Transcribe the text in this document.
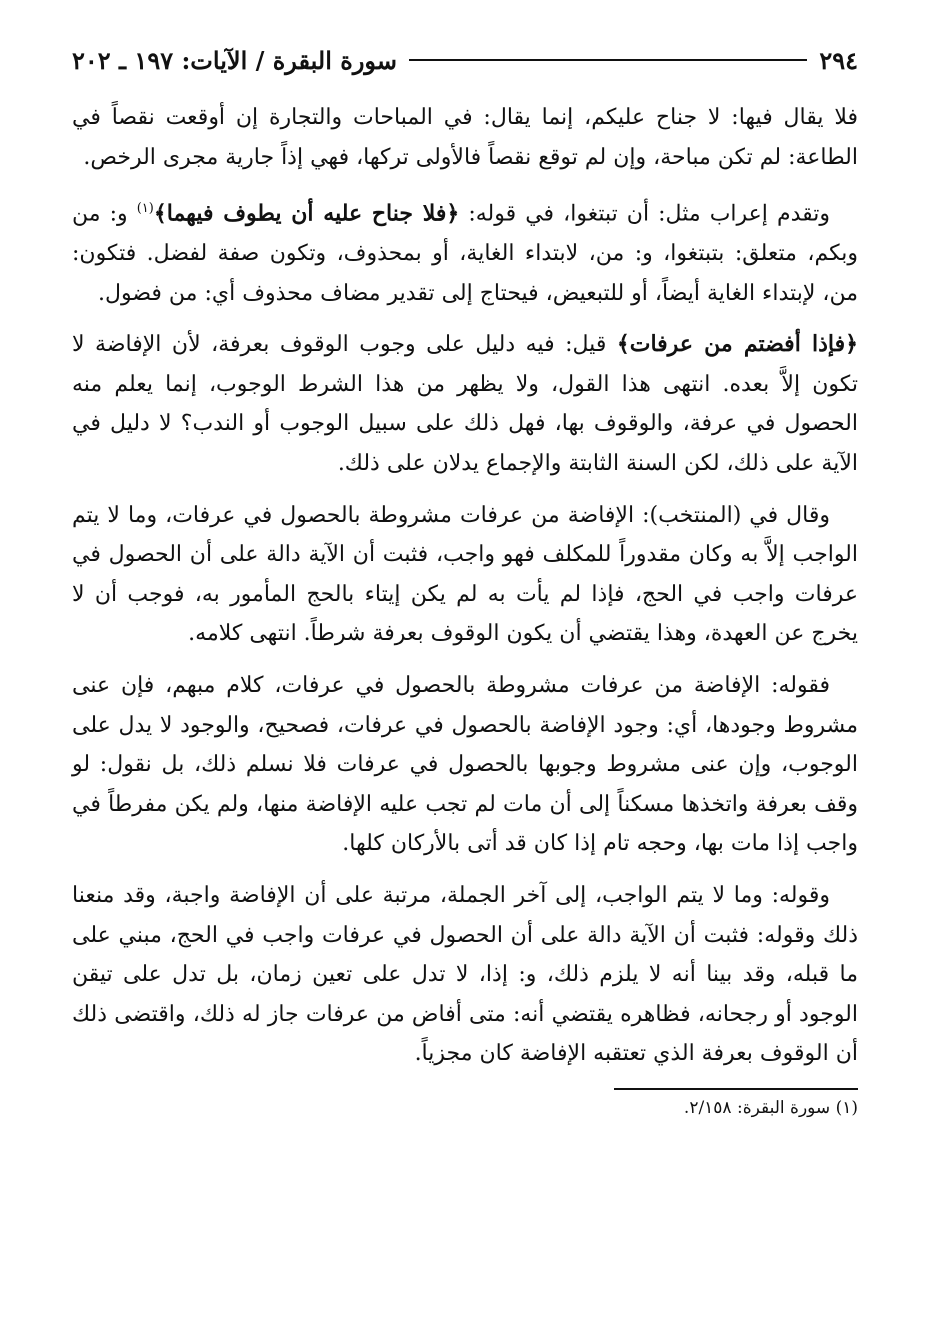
٢٩٤
سورة البقرة / الآيات: ١٩٧ ـ ٢٠٢

فلا يقال فيها: لا جناح عليكم، إنما يقال: في المباحات والتجارة إن أوقعت نقصاً في الطاعة: لم تكن مباحة، وإن لم توقع نقصاً فالأولى تركها، فهي إذاً جارية مجرى الرخص.

وتقدم إعراب مثل: أن تبتغوا، في قوله: ﴿فلا جناح عليه أن يطوف فيهما﴾$^{(١)}$ و: من وبكم، متعلق: بتبتغوا، و: من، لابتداء الغاية، أو بمحذوف، وتكون صفة لفضل. فتكون: من، لإبتداء الغاية أيضاً، أو للتبعيض، فيحتاج إلى تقدير مضاف محذوف أي: من فضول.

﴿فإذا أفضتم من عرفات﴾ قيل: فيه دليل على وجوب الوقوف بعرفة، لأن الإفاضة لا تكون إلاَّ بعده. انتهى هذا القول، ولا يظهر من هذا الشرط الوجوب، إنما يعلم منه الحصول في عرفة، والوقوف بها، فهل ذلك على سبيل الوجوب أو الندب؟ لا دليل في الآية على ذلك، لكن السنة الثابتة والإجماع يدلان على ذلك.

وقال في (المنتخب): الإفاضة من عرفات مشروطة بالحصول في عرفات، وما لا يتم الواجب إلاَّ به وكان مقدوراً للمكلف فهو واجب، فثبت أن الآية دالة على أن الحصول في عرفات واجب في الحج، فإذا لم يأت به لم يكن إيتاء بالحج المأمور به، فوجب أن لا يخرج عن العهدة، وهذا يقتضي أن يكون الوقوف بعرفة شرطاً. انتهى كلامه.

فقوله: الإفاضة من عرفات مشروطة بالحصول في عرفات، كلام مبهم، فإن عنى مشروط وجودها، أي: وجود الإفاضة بالحصول في عرفات، فصحيح، والوجود لا يدل على الوجوب، وإن عنى مشروط وجوبها بالحصول في عرفات فلا نسلم ذلك، بل نقول: لو وقف بعرفة واتخذها مسكناً إلى أن مات لم تجب عليه الإفاضة منها، ولم يكن مفرطاً في واجب إذا مات بها، وحجه تام إذا كان قد أتى بالأركان كلها.

وقوله: وما لا يتم الواجب، إلى آخر الجملة، مرتبة على أن الإفاضة واجبة، وقد منعنا ذلك وقوله: فثبت أن الآية دالة على أن الحصول في عرفات واجب في الحج، مبني على ما قبله، وقد بينا أنه لا يلزم ذلك، و: إذا، لا تدل على تعين زمان، بل تدل على تيقن الوجود أو رجحانه، فظاهره يقتضي أنه: متى أفاض من عرفات جاز له ذلك، واقتضى ذلك أن الوقوف بعرفة الذي تعتقبه الإفاضة كان مجزياً.

(١) سورة البقرة: ٢/١٥٨.
